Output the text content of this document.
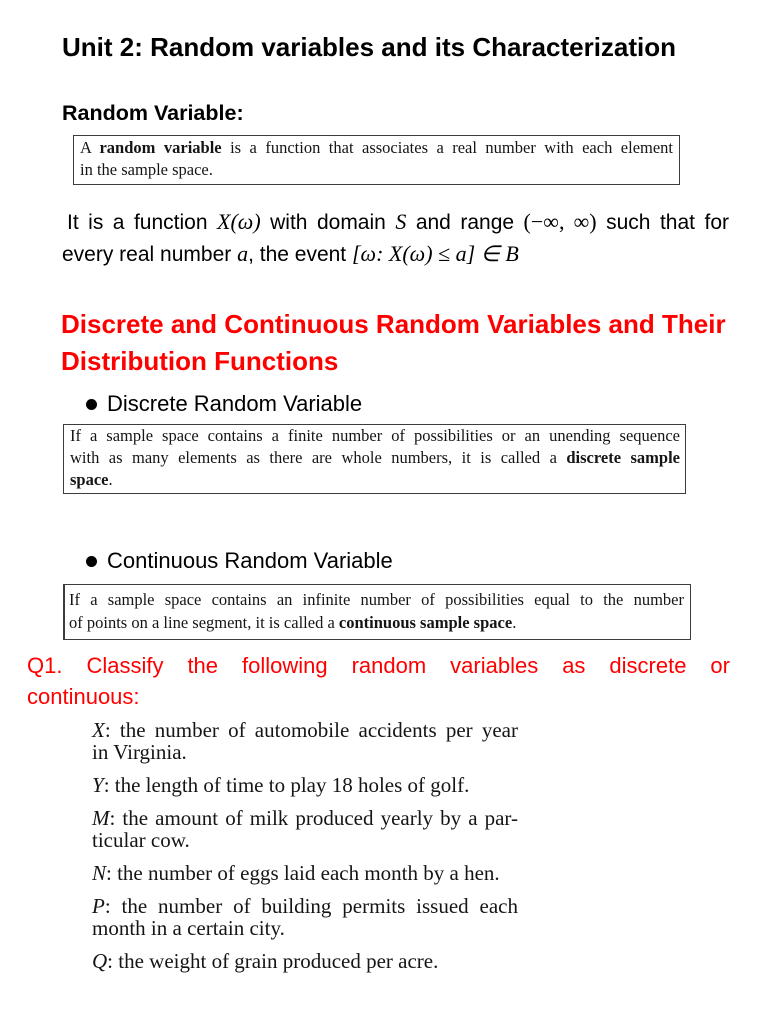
Unit 2: Random variables and its Characterization
Random Variable:
A random variable is a function that associates a real number with each element
in the sample space.
It is a function X(ω) with domain S and range (−∞, ∞) such that for
every real number a, the event [ω: X(ω) ≤ a] ∈ B
Discrete and Continuous Random Variables and Their
Distribution Functions
Discrete Random Variable
If a sample space contains a finite number of possibilities or an unending sequence
with as many elements as there are whole numbers, it is called a discrete sample
space.
Continuous Random Variable
If a sample space contains an infinite number of possibilities equal to the number
of points on a line segment, it is called a continuous sample space.
Q1. Classify the following random variables as discrete or
continuous:
X: the number of automobile accidents per year
in Virginia.
Y: the length of time to play 18 holes of golf.
M: the amount of milk produced yearly by a par-
ticular cow.
N: the number of eggs laid each month by a hen.
P: the number of building permits issued each
month in a certain city.
Q: the weight of grain produced per acre.
